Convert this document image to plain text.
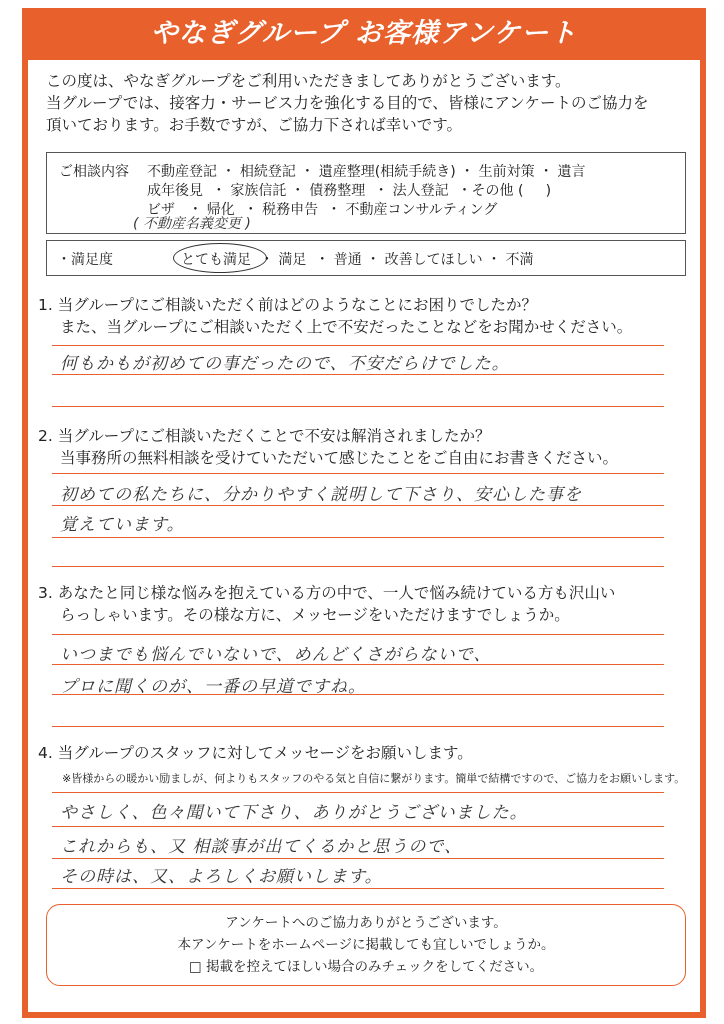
やなぎグループ お客様アンケート
この度は、やなぎグループをご利用いただきましてありがとうございます。
当グループでは、接客力・サービス力を強化する目的で、皆様にアンケートのご協力を
頂いております。お手数ですが、ご協力下されば幸いです。
ご相談内容 不動産登記 ・ 相続登記 ・ 遺産整理(相続手続き) ・ 生前対策 ・ 遺言
成年後見  ・ 家族信託 ・ 債務整理  ・ 法人登記  ・その他 (     )
ビザ   ・ 帰化  ・ 税務申告  ・ 不動産コンサルティング
( 不動産名義変更 )
・満足度	とても満足  ・ 満足  ・ 普通 ・ 改善してほしい ・ 不満
1. 当グループにご相談いただく前はどのようなことにお困りでしたか？
また、当グループにご相談いただく上で不安だったことなどをお聞かせください。
何もかもが初めての事だったので、不安だらけでした。
2. 当グループにご相談いただくことで不安は解消されましたか？
当事務所の無料相談を受けていただいて感じたことをご自由にお書きください。
初めての私たちに、分かりやすく説明して下さり、安心した事を
覚えています。
3. あなたと同じ様な悩みを抱えている方の中で、一人で悩み続けている方も沢山い
らっしゃいます。その様な方に、メッセージをいただけますでしょうか。
いつまでも悩んでいないで、めんどくさがらないで、
プロに聞くのが、一番の早道ですね。
4. 当グループのスタッフに対してメッセージをお願いします。
※皆様からの暖かい励ましが、何よりもスタッフのやる気と自信に繋がります。簡単で結構ですので、ご協力をお願いします。
やさしく、色々聞いて下さり、ありがとうございました。
これからも、又 相談事が出てくるかと思うので、
その時は、又、よろしくお願いします。
アンケートへのご協力ありがとうございます。
本アンケートをホームページに掲載しても宜しいでしょうか。
□ 掲載を控えてほしい場合のみチェックをしてください。
